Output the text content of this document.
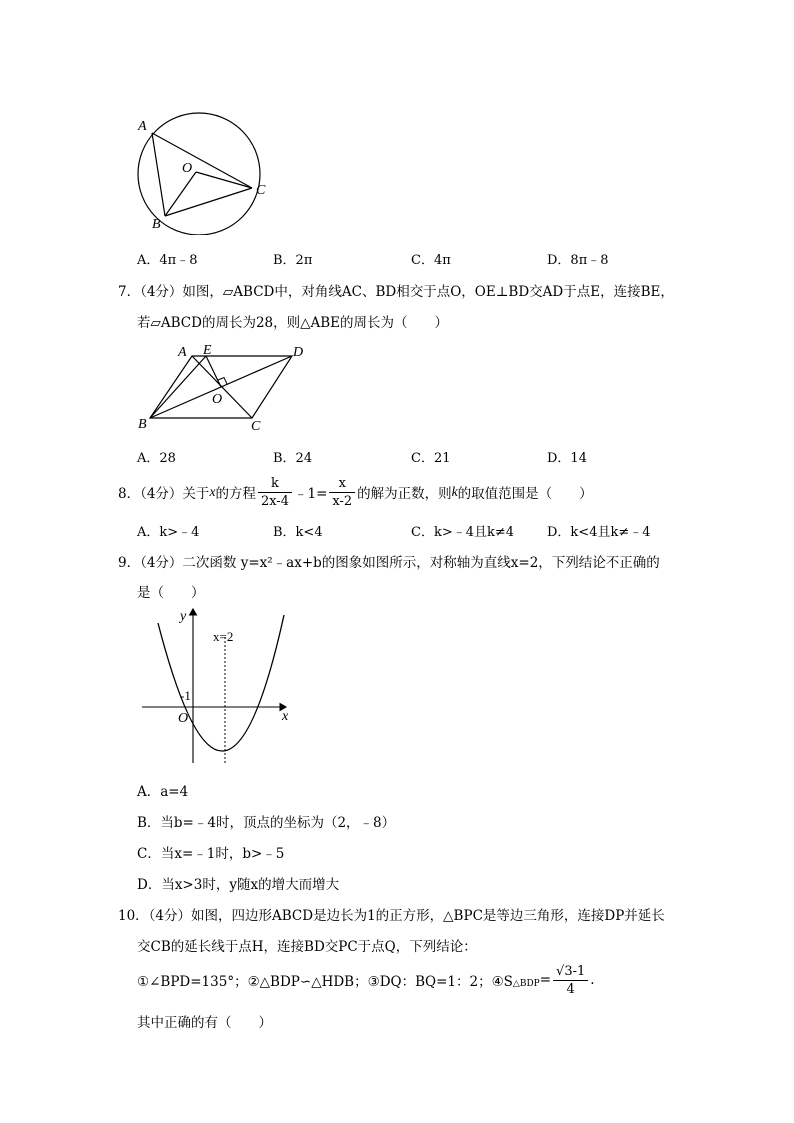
A
O
C
B
A．4π﹣8	B．2π	C．4π	D．8π﹣8
7．（4分）如图，▱ABCD中，对角线AC、BD相交于点O，OE⊥BD交AD于点E，连接BE，
若▱ABCD的周长为28，则△ABE的周长为（　　）
A E	D
O
B	C
A．28	B．24	C．21	D．14
8．（4分）关于 x 的方程 $\frac{k}{2x-4}$ ﹣1= $\frac{x}{x-2}$ 的解为正数，则 k 的取值范围是（　　）
A．k>﹣4	B．k<4	C．k>﹣4且k≠4	D．k<4且k≠﹣4
9．（4分）二次函数 y=x²﹣ax+b的图象如图所示，对称轴为直线x=2，下列结论不正确的
是（　　）
y
x=2
-1
O	x
A．a=4
B．当b=﹣4时，顶点的坐标为（2，﹣8）
C．当x=﹣1时，b>﹣5
D．当x>3时，y随x的增大而增大
10．（4分）如图，四边形ABCD是边长为1的正方形，△BPC是等边三角形，连接DP并延长
交CB的延长线于点H，连接BD交PC于点Q，下列结论：
①∠BPD=135°；②△BDP∽△HDB；③DQ：BQ=1：2；④S △BDP = $\frac{√3-1}{4}$ .
其中正确的有（　　）
